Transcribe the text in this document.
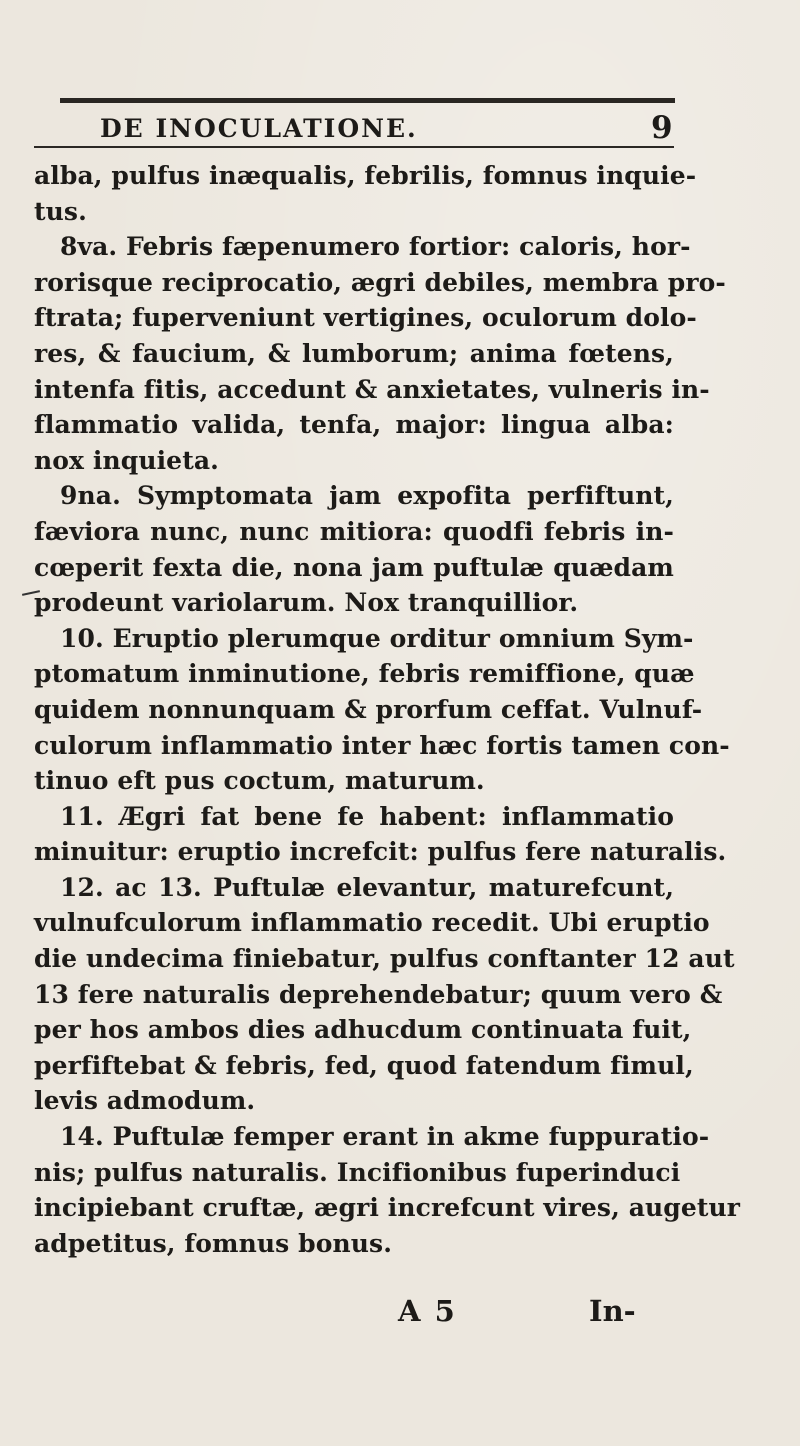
DE INOCULATIONE.	9
alba, pulfus inæqualis, febrilis, fomnus inquie-
tus.
8va. Febris fæpenumero fortior: caloris, hor-
rorisque reciprocatio, ægri debiles, membra pro-
ftrata; fuperveniunt vertigines, oculorum dolo-
res, & faucium, & lumborum; anima fœtens,
intenfa fitis, accedunt & anxietates, vulneris in-
flammatio valida, tenfa, major: lingua alba:
nox inquieta.
9na. Symptomata jam expofita perfiftunt,
fæviora nunc, nunc mitiora: quodfi febris in-
cœperit fexta die, nona jam puftulæ quædam
prodeunt variolarum. Nox tranquillior.
10. Eruptio plerumque orditur omnium Sym-
ptomatum inminutione, febris remiffione, quæ
quidem nonnunquam & prorfum ceffat. Vulnuf-
culorum inflammatio inter hæc fortis tamen con-
tinuo eft pus coctum, maturum.
11. Ægri fat bene fe habent: inflammatio
minuitur: eruptio increfcit: pulfus fere naturalis.
12. ac 13. Puftulæ elevantur, maturefcunt,
vulnufculorum inflammatio recedit. Ubi eruptio
die undecima finiebatur, pulfus conftanter 12 aut
13 fere naturalis deprehendebatur; quum vero &
per hos ambos dies adhucdum continuata fuit,
perfiftebat & febris, fed, quod fatendum fimul,
levis admodum.
14. Puftulæ femper erant in akme fuppuratio-
nis; pulfus naturalis. Incifionibus fuperinduci
incipiebant cruftæ, ægri increfcunt vires, augetur
adpetitus, fomnus bonus.
A 5	In-
